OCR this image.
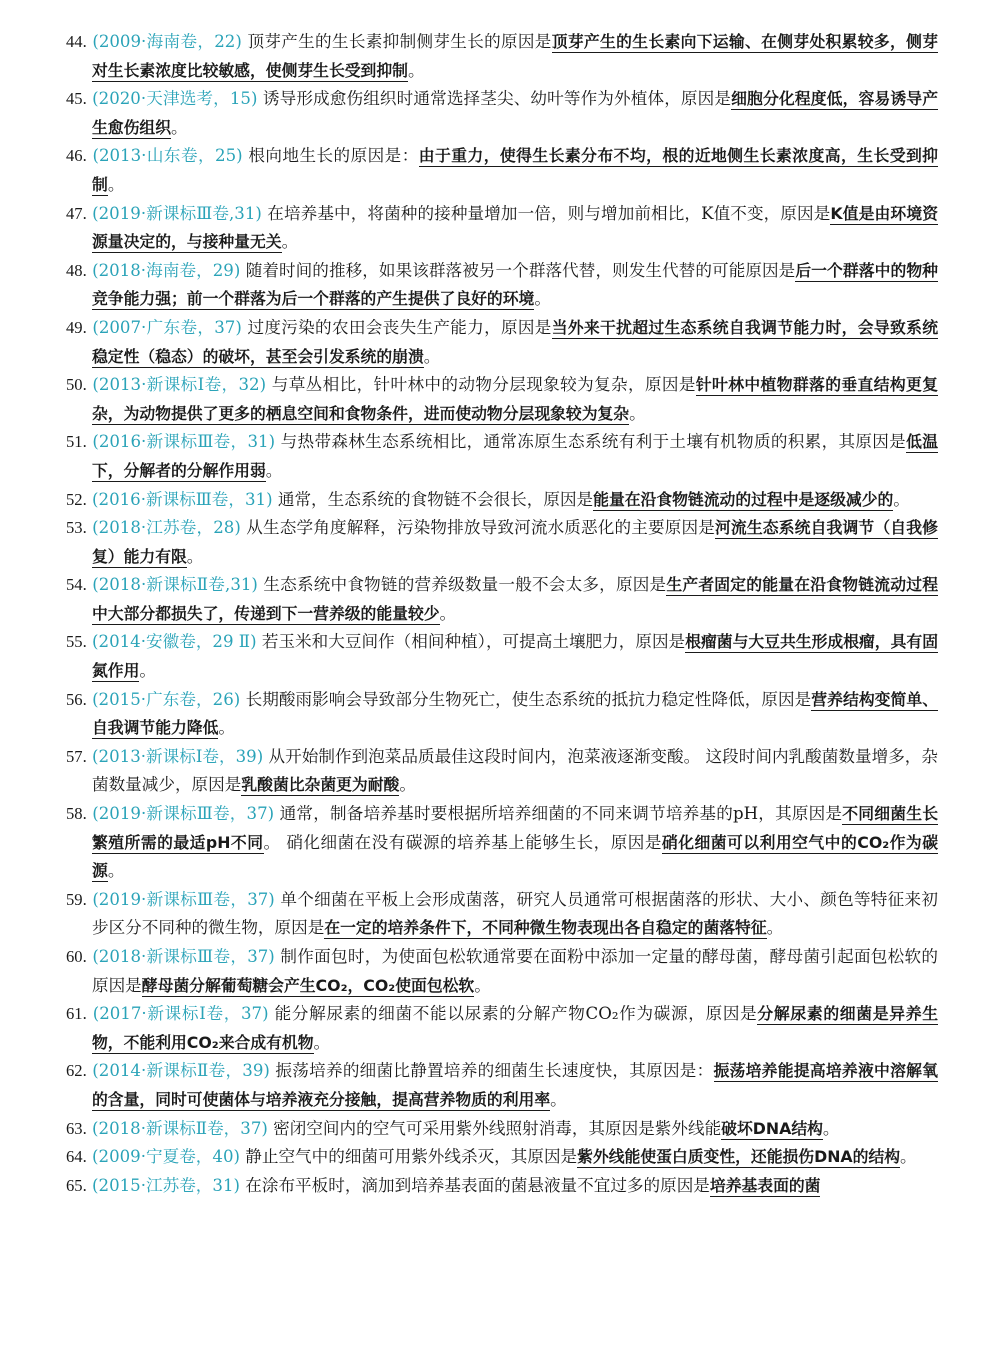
44. (2009·海南卷，22) 顶芽产生的生长素抑制侧芽生长的原因是顶芽产生的生长素向下运输、在侧芽处积累较多，侧芽对生长素浓度比较敏感，使侧芽生长受到抑制。

45. (2020·天津选考，15) 诱导形成愈伤组织时通常选择茎尖、幼叶等作为外植体，原因是细胞分化程度低，容易诱导产生愈伤组织。

46. (2013·山东卷，25) 根向地生长的原因是：由于重力，使得生长素分布不均，根的近地侧生长素浓度高，生长受到抑制。

47. (2019·新课标Ⅲ卷,31) 在培养基中，将菌种的接种量增加一倍，则与增加前相比，K值不变，原因是K值是由环境资源量决定的，与接种量无关。

48. (2018·海南卷，29) 随着时间的推移，如果该群落被另一个群落代替，则发生代替的可能原因是后一个群落中的物种竞争能力强；前一个群落为后一个群落的产生提供了良好的环境。

49. (2007·广东卷，37) 过度污染的农田会丧失生产能力，原因是当外来干扰超过生态系统自我调节能力时，会导致系统稳定性（稳态）的破坏，甚至会引发系统的崩溃。

50. (2013·新课标Ⅰ卷，32) 与草丛相比，针叶林中的动物分层现象较为复杂，原因是针叶林中植物群落的垂直结构更复杂，为动物提供了更多的栖息空间和食物条件，进而使动物分层现象较为复杂。

51. (2016·新课标Ⅲ卷，31) 与热带森林生态系统相比，通常冻原生态系统有利于土壤有机物质的积累，其原因是低温下，分解者的分解作用弱。

52. (2016·新课标Ⅲ卷，31) 通常，生态系统的食物链不会很长，原因是能量在沿食物链流动的过程中是逐级减少的。

53. (2018·江苏卷，28) 从生态学角度解释，污染物排放导致河流水质恶化的主要原因是河流生态系统自我调节（自我修复）能力有限。

54. (2018·新课标Ⅱ卷,31) 生态系统中食物链的营养级数量一般不会太多，原因是生产者固定的能量在沿食物链流动过程中大部分都损失了，传递到下一营养级的能量较少。

55. (2014·安徽卷，29 Ⅱ) 若玉米和大豆间作（相间种植），可提高土壤肥力，原因是根瘤菌与大豆共生形成根瘤，具有固氮作用。

56. (2015·广东卷，26) 长期酸雨影响会导致部分生物死亡，使生态系统的抵抗力稳定性降低，原因是营养结构变简单、自我调节能力降低。

57. (2013·新课标Ⅰ卷，39) 从开始制作到泡菜品质最佳这段时间内，泡菜液逐渐变酸。 这段时间内乳酸菌数量增多，杂菌数量减少，原因是乳酸菌比杂菌更为耐酸。

58. (2019·新课标Ⅲ卷，37) 通常，制备培养基时要根据所培养细菌的不同来调节培养基的pH，其原因是不同细菌生长繁殖所需的最适pH不同。 硝化细菌在没有碳源的培养基上能够生长，原因是硝化细菌可以利用空气中的CO₂作为碳源。

59. (2019·新课标Ⅲ卷，37) 单个细菌在平板上会形成菌落，研究人员通常可根据菌落的形状、大小、颜色等特征来初步区分不同种的微生物，原因是在一定的培养条件下，不同种微生物表现出各自稳定的菌落特征。

60. (2018·新课标Ⅲ卷，37) 制作面包时，为使面包松软通常要在面粉中添加一定量的酵母菌，酵母菌引起面包松软的原因是酵母菌分解葡萄糖会产生CO₂，CO₂使面包松软。

61. (2017·新课标Ⅰ卷，37) 能分解尿素的细菌不能以尿素的分解产物CO₂作为碳源，原因是分解尿素的细菌是异养生物，不能利用CO₂来合成有机物。

62. (2014·新课标Ⅱ卷，39) 振荡培养的细菌比静置培养的细菌生长速度快，其原因是：振荡培养能提高培养液中溶解氧的含量，同时可使菌体与培养液充分接触，提高营养物质的利用率。

63. (2018·新课标Ⅱ卷，37) 密闭空间内的空气可采用紫外线照射消毒，其原因是紫外线能破坏DNA结构。

64. (2009·宁夏卷，40) 静止空气中的细菌可用紫外线杀灭，其原因是紫外线能使蛋白质变性，还能损伤DNA的结构。

65. (2015·江苏卷，31) 在涂布平板时，滴加到培养基表面的菌悬液量不宜过多的原因是培养基表面的菌
